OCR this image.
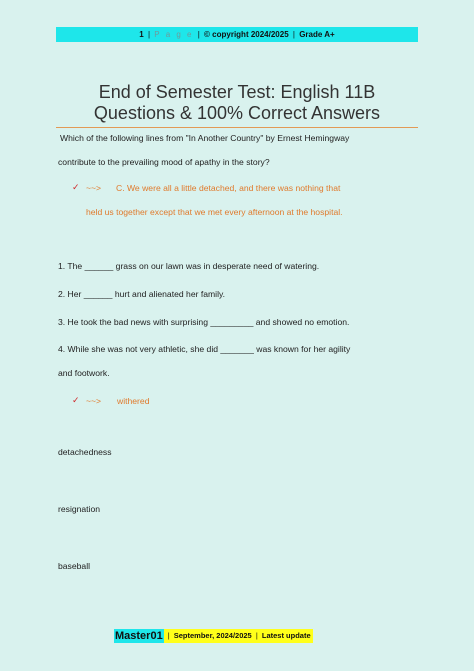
1 | P a g e | © copyright 2024/2025 | Grade A+
End of Semester Test: English 11B
Questions & 100% Correct Answers
Which of the following lines from "In Another Country" by Ernest Hemingway
contribute to the prevailing mood of apathy in the story?
✓ ~~> C. We were all a little detached, and there was nothing that
held us together except that we met every afternoon at the hospital.
1. The ______ grass on our lawn was in desperate need of watering.
2. Her ______ hurt and alienated her family.
3. He took the bad news with surprising _________ and showed no emotion.
4. While she was not very athletic, she did _______ was known for her agility
and footwork.
✓ ~~> withered
detachedness
resignation
baseball
Master01 | September, 2024/2025 | Latest update
